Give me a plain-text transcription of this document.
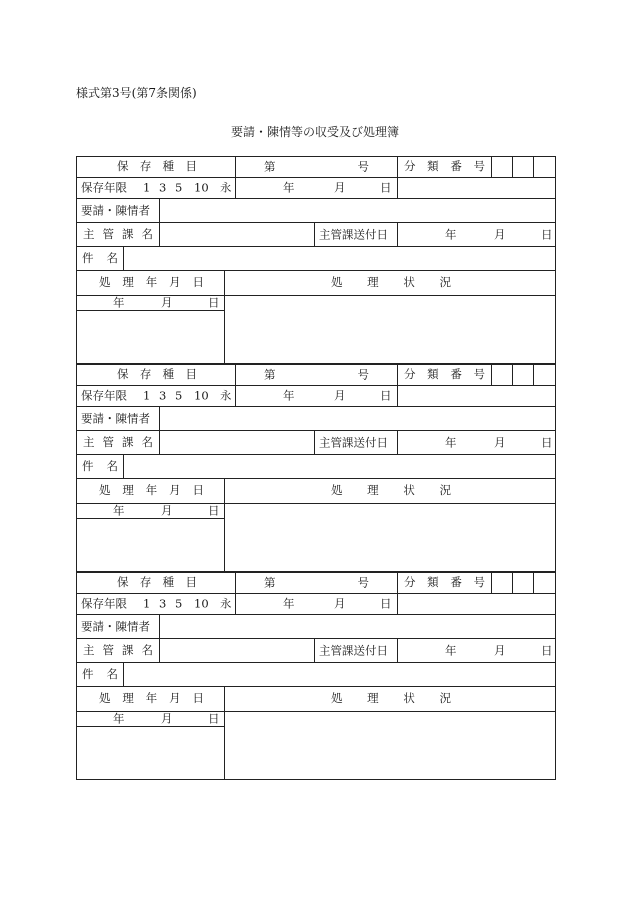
様式第3号(第7条関係)
要請・陳情等の収受及び処理簿
保 存 種 目	第	号	分 類 番 号
保存年限 1 3 5 10 永	年	月	日
要請・陳情者
主 管 課 名	主管課送付日	年	月	日
件 名
処 理 年 月 日	処 理 状 況
年	月	日
保 存 種 目	第	号	分 類 番 号
保存年限 1 3 5 10 永	年	月	日
要請・陳情者
主 管 課 名	主管課送付日	年	月	日
件 名
処 理 年 月 日	処 理 状 況
年	月	日
保 存 種 目	第	号	分 類 番 号
保存年限 1 3 5 10 永	年	月	日
要請・陳情者
主 管 課 名	主管課送付日	年	月	日
件 名
処 理 年 月 日	処 理 状 況
年	月	日
